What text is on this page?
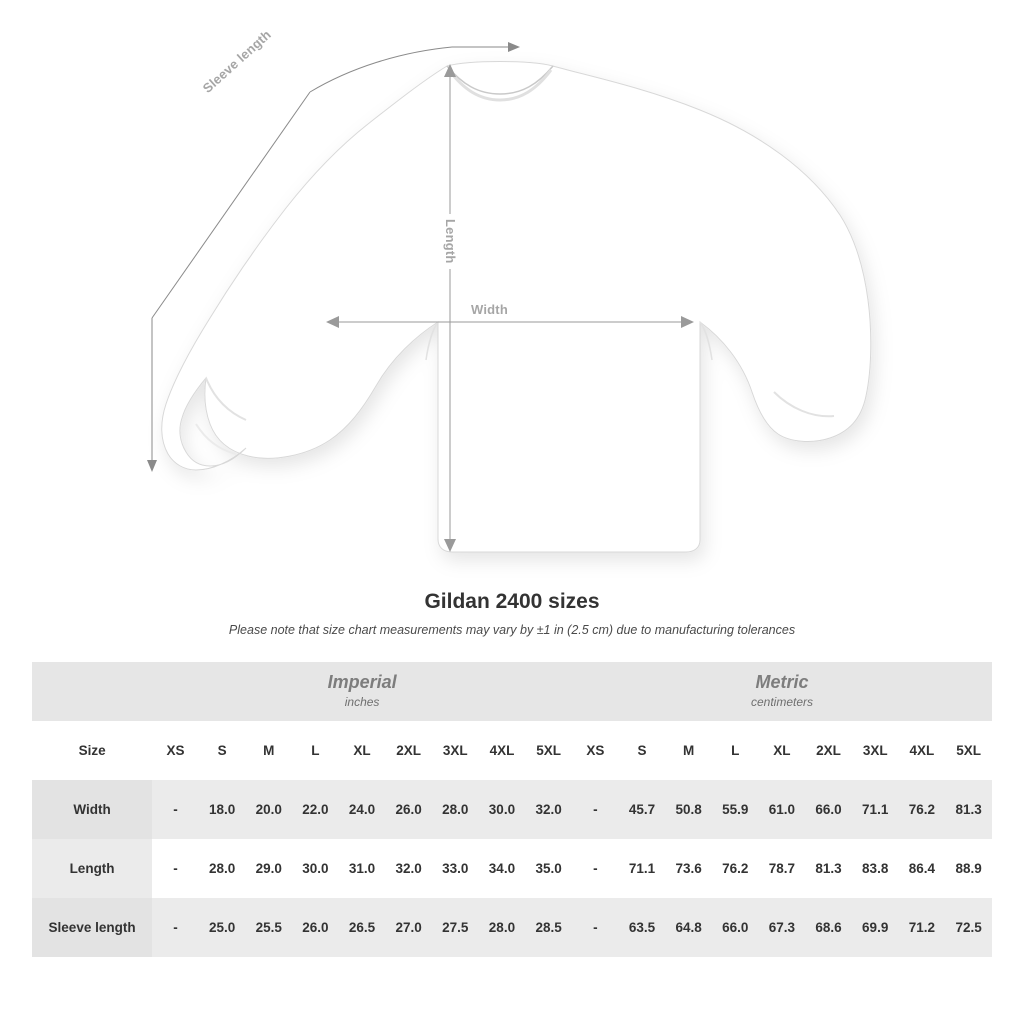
Width
Length
Sleeve length
Gildan 2400 sizes

Please note that size chart measurements may vary by ±1 in (2.5 cm) due to manufacturing tolerances

	Imperial
inches									Metric
centimeters								

Size	XS	S	M	L	XL	2XL	3XL	4XL	5XL	XS	S	M	L	XL	2XL	3XL	4XL	5XL
Width	-	18.0	20.0	22.0	24.0	26.0	28.0	30.0	32.0	-	45.7	50.8	55.9	61.0	66.0	71.1	76.2	81.3
Length	-	28.0	29.0	30.0	31.0	32.0	33.0	34.0	35.0	-	71.1	73.6	76.2	78.7	81.3	83.8	86.4	88.9
Sleeve length	-	25.0	25.5	26.0	26.5	27.0	27.5	28.0	28.5	-	63.5	64.8	66.0	67.3	68.6	69.9	71.2	72.5
